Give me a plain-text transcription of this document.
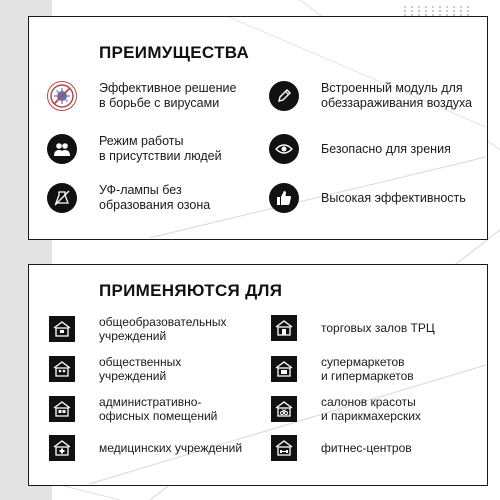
ПРЕИМУЩЕСТВА
Эффективное решение
в борьбе с вирусами
Встроенный модуль для
обеззараживания воздуха
Режим работы
в присутствии людей
Безопасно для зрения
УФ-лампы без
образования озона
Высокая эффективность
ПРИМЕНЯЮТСЯ ДЛЯ
общеобразовательных
учреждений
торговых залов ТРЦ
общественных
учреждений
супермаркетов
и гипермаркетов
административно-
офисных помещений
салонов красоты
и парикмахерских
медицинских учреждений	фитнес-центров
